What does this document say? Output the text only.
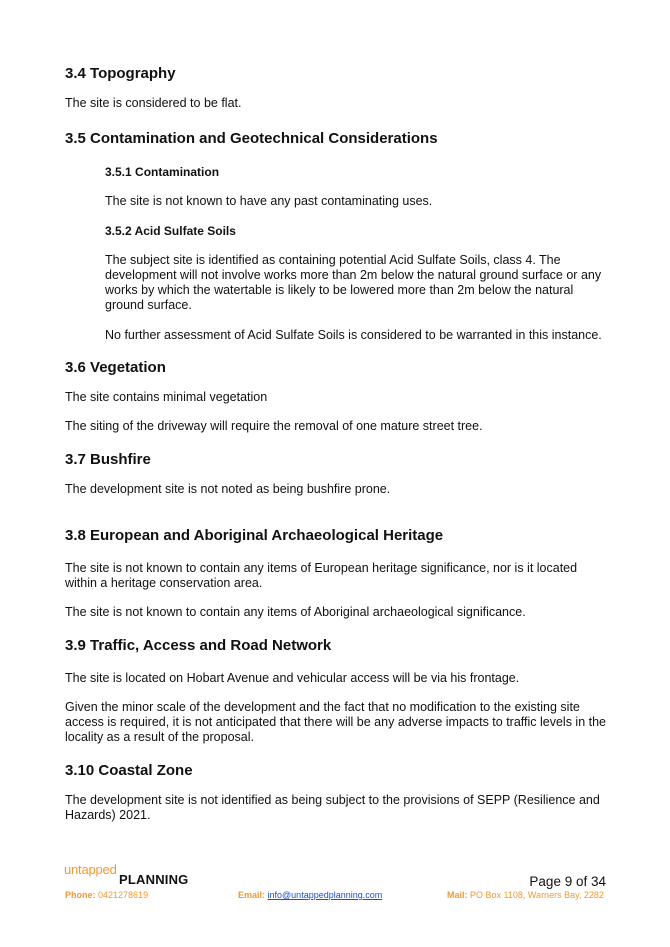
3.4 Topography

The site is considered to be flat.

3.5 Contamination and Geotechnical Considerations
3.5.1 Contamination

The site is not known to have any past contaminating uses.

3.5.2 Acid Sulfate Soils

The subject site is identified as containing potential Acid Sulfate Soils, class 4. The development will not involve works more than 2m below the natural ground surface or any works by which the watertable is likely to be lowered more than 2m below the natural ground surface.

No further assessment of Acid Sulfate Soils is considered to be warranted in this instance.

3.6 Vegetation

The site contains minimal vegetation

The siting of the driveway will require the removal of one mature street tree.

3.7 Bushfire

The development site is not noted as being bushfire prone.

3.8 European and Aboriginal Archaeological Heritage

The site is not known to contain any items of European heritage significance, nor is it located within a heritage conservation area.

The site is not known to contain any items of Aboriginal archaeological significance.

3.9 Traffic, Access and Road Network

The site is located on Hobart Avenue and vehicular access will be via his frontage.

Given the minor scale of the development and the fact that no modification to the existing site access is required, it is not anticipated that there will be any adverse impacts to traffic levels in the locality as a result of the proposal.

3.10 Coastal Zone

The development site is not identified as being subject to the provisions of SEPP (Resilience and Hazards) 2021.

untapped
PLANNING	Page 9 of 34
Phone: 0421278619	Email: info@untappedplanning.com	Mail: PO Box 1108, Warners Bay, 2282
